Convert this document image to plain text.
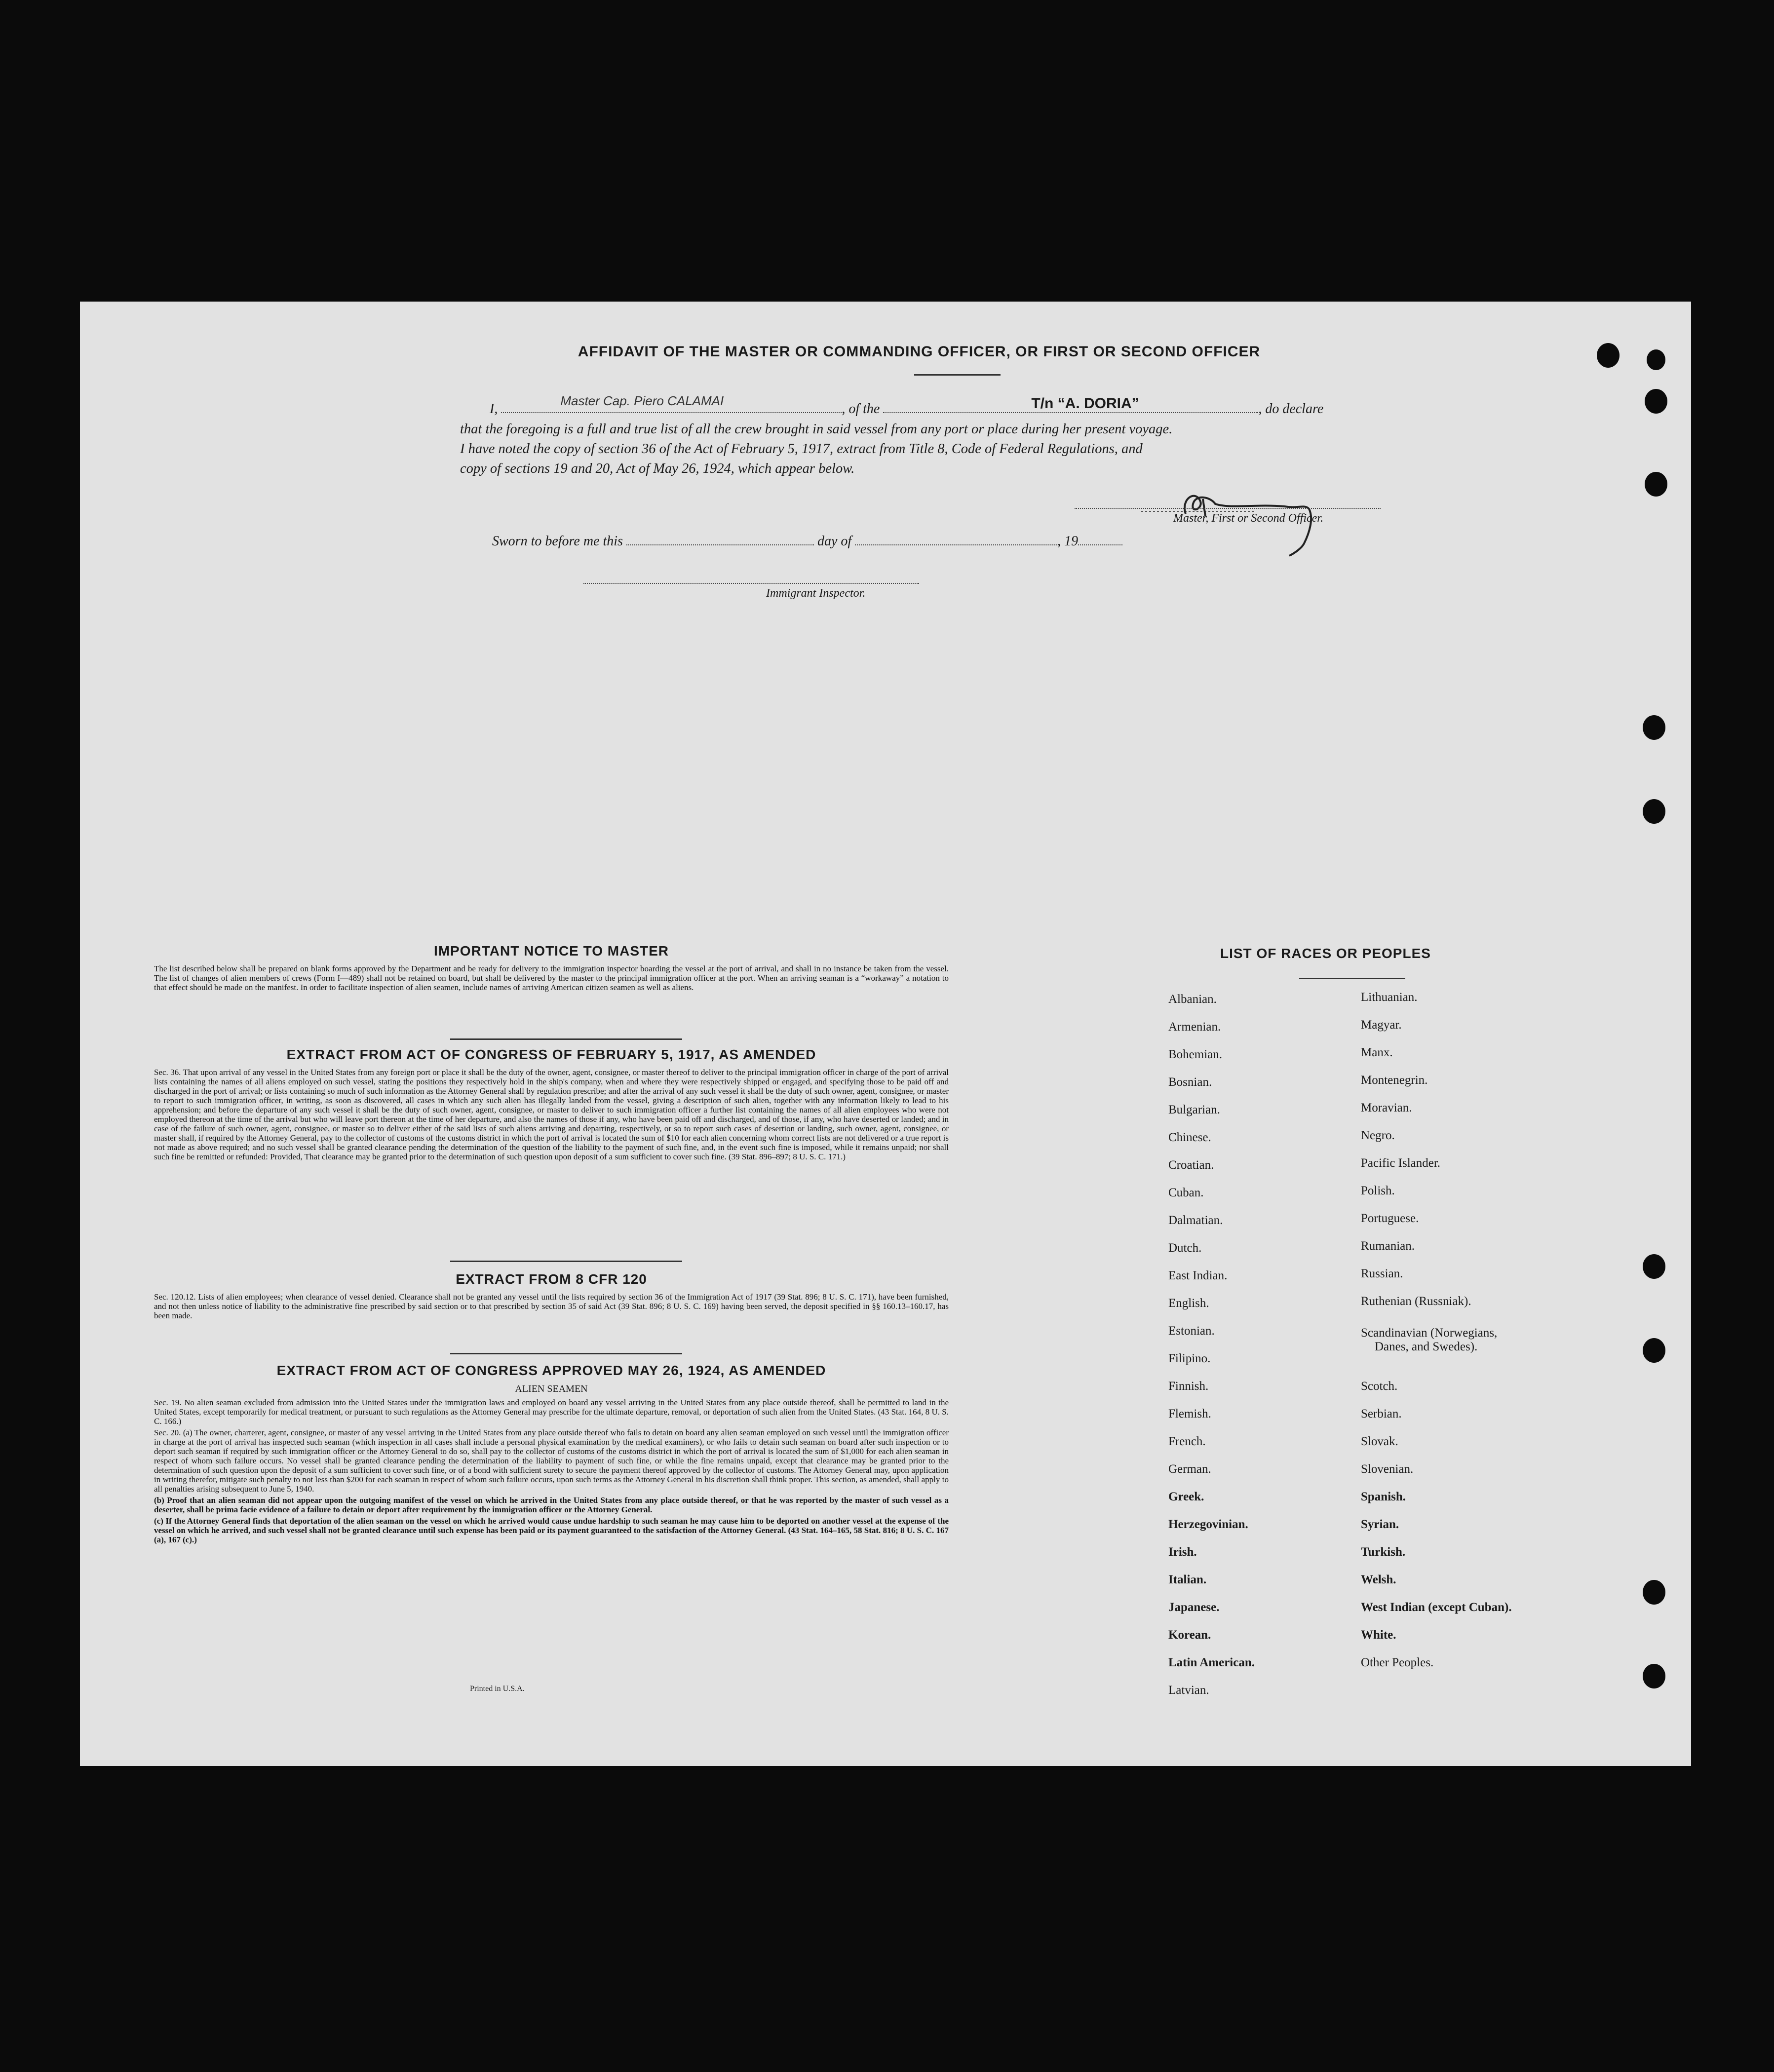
AFFIDAVIT OF THE MASTER OR COMMANDING OFFICER, OR FIRST OR SECOND OFFICER
I,
Master Cap. Piero CALAMAI
, of the	T/n “A. DORIA”	, do declare
that the foregoing is a full and true list of all the crew brought in said vessel from any port or place during her present voyage.
I have noted the copy of section 36 of the Act of February 5, 1917, extract from Title 8, Code of Federal Regulations, and
copy of sections 19 and 20, Act of May 26, 1924, which appear below.
Master, First or Second Officer.
Sworn to before me this	day of	, 19
Immigrant Inspector.
IMPORTANT NOTICE TO MASTER

The list described below shall be prepared on blank forms approved by the Department and be ready for delivery to the immigration inspector boarding the vessel at the port of arrival, and shall in no instance be taken from the vessel. The list of changes of alien members of crews (Form I—489) shall not be retained on board, but shall be delivered by the master to the principal immigration officer at the port. When an arriving seaman is a “workaway” a notation to that effect should be made on the manifest. In order to facilitate inspection of alien seamen, include names of arriving American citizen seamen as well as aliens.

EXTRACT FROM ACT OF CONGRESS OF FEBRUARY 5, 1917, AS AMENDED

Sec. 36. That upon arrival of any vessel in the United States from any foreign port or place it shall be the duty of the owner, agent, consignee, or master thereof to deliver to the principal immigration officer in charge of the port of arrival lists containing the names of all aliens employed on such vessel, stating the positions they respectively hold in the ship's company, when and where they were respectively shipped or engaged, and specifying those to be paid off and discharged in the port of arrival; or lists containing so much of such information as the Attorney General shall by regulation prescribe; and after the arrival of any such vessel it shall be the duty of such owner, agent, consignee, or master to report to such immigration officer, in writing, as soon as discovered, all cases in which any such alien has illegally landed from the vessel, giving a description of such alien, together with any information likely to lead to his apprehension; and before the departure of any such vessel it shall be the duty of such owner, agent, consignee, or master to deliver to such immigration officer a further list containing the names of all alien employees who were not employed thereon at the time of the arrival but who will leave port thereon at the time of her departure, and also the names of those if any, who have been paid off and discharged, and of those, if any, who have deserted or landed; and in case of the failure of such owner, agent, consignee, or master so to deliver either of the said lists of such aliens arriving and departing, respectively, or so to report such cases of desertion or landing, such owner, agent, consignee, or master shall, if required by the Attorney General, pay to the collector of customs of the customs district in which the port of arrival is located the sum of $10 for each alien concerning whom correct lists are not delivered or a true report is not made as above required; and no such vessel shall be granted clearance pending the determination of the question of the liability to the payment of such fine, and, in the event such fine is imposed, while it remains unpaid; nor shall such fine be remitted or refunded: Provided, That clearance may be granted prior to the determination of such question upon deposit of a sum sufficient to cover such fine. (39 Stat. 896–897; 8 U. S. C. 171.)

EXTRACT FROM 8 CFR 120

Sec. 120.12. Lists of alien employees; when clearance of vessel denied. Clearance shall not be granted any vessel until the lists required by section 36 of the Immigration Act of 1917 (39 Stat. 896; 8 U. S. C. 171), have been furnished, and not then unless notice of liability to the administrative fine prescribed by said section or to that prescribed by section 35 of said Act (39 Stat. 896; 8 U. S. C. 169) having been served, the deposit specified in §§ 160.13–160.17, has been made.

EXTRACT FROM ACT OF CONGRESS APPROVED MAY 26, 1924, AS AMENDED
ALIEN SEAMEN

Sec. 19. No alien seaman excluded from admission into the United States under the immigration laws and employed on board any vessel arriving in the United States from any place outside thereof, shall be permitted to land in the United States, except temporarily for medical treatment, or pursuant to such regulations as the Attorney General may prescribe for the ultimate departure, removal, or deportation of such alien from the United States. (43 Stat. 164, 8 U. S. C. 166.)

Sec. 20. (a) The owner, charterer, agent, consignee, or master of any vessel arriving in the United States from any place outside thereof who fails to detain on board any alien seaman employed on such vessel until the immigration officer in charge at the port of arrival has inspected such seaman (which inspection in all cases shall include a personal physical examination by the medical examiners), or who fails to detain such seaman on board after such inspection or to deport such seaman if required by such immigration officer or the Attorney General to do so, shall pay to the collector of customs of the customs district in which the port of arrival is located the sum of $1,000 for each alien seaman in respect of whom such failure occurs. No vessel shall be granted clearance pending the determination of the liability to payment of such fine, or while the fine remains unpaid, except that clearance may be granted prior to the determination of such question upon the deposit of a sum sufficient to cover such fine, or of a bond with sufficient surety to secure the payment thereof approved by the collector of customs. The Attorney General may, upon application in writing therefor, mitigate such penalty to not less than $200 for each seaman in respect of whom such failure occurs, upon such terms as the Attorney General in his discretion shall think proper. This section, as amended, shall apply to all penalties arising subsequent to June 5, 1940.

(b) Proof that an alien seaman did not appear upon the outgoing manifest of the vessel on which he arrived in the United States from any place outside thereof, or that he was reported by the master of such vessel as a deserter, shall be prima facie evidence of a failure to detain or deport after requirement by the immigration officer or the Attorney General.

(c) If the Attorney General finds that deportation of the alien seaman on the vessel on which he arrived would cause undue hardship to such seaman he may cause him to be deported on another vessel at the expense of the vessel on which he arrived, and such vessel shall not be granted clearance until such expense has been paid or its payment guaranteed to the satisfaction of the Attorney General. (43 Stat. 164–165, 58 Stat. 816; 8 U. S. C. 167 (a), 167 (c).)

Printed in U.S.A.
LIST OF RACES OR PEOPLES
Albanian.
Armenian.
Bohemian.
Bosnian.
Bulgarian.
Chinese.
Croatian.
Cuban.
Dalmatian.
Dutch.
East Indian.
English.
Estonian.
Filipino.
Finnish.
Flemish.
French.
German.
Greek.
Herzegovinian.
Irish.
Italian.
Japanese.
Korean.
Latin American.
Latvian.
Lithuanian.
Magyar.
Manx.
Montenegrin.
Moravian.
Negro.
Pacific Islander.
Polish.
Portuguese.
Rumanian.
Russian.
Ruthenian (Russniak).
Scandinavian (Norwegians,
Danes, and Swedes).
Scotch.
Serbian.
Slovak.
Slovenian.
Spanish.
Syrian.
Turkish.
Welsh.
West Indian (except Cuban).
White.
Other Peoples.
